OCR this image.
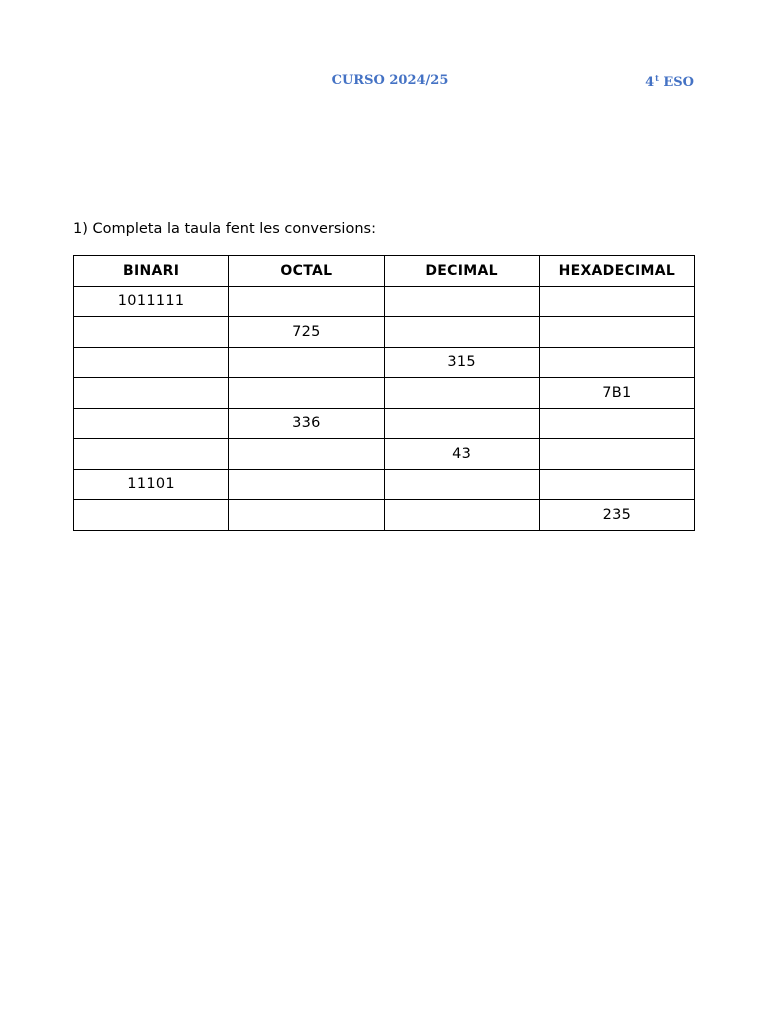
CURSO 2024/25	4$^t$ ESO
1) Completa la taula fent les conversions:
BINARI	OCTAL	DECIMAL	HEXADECIMAL
1011111			
	725		
		315	
			7B1
	336		
		43	
11101			
			235
